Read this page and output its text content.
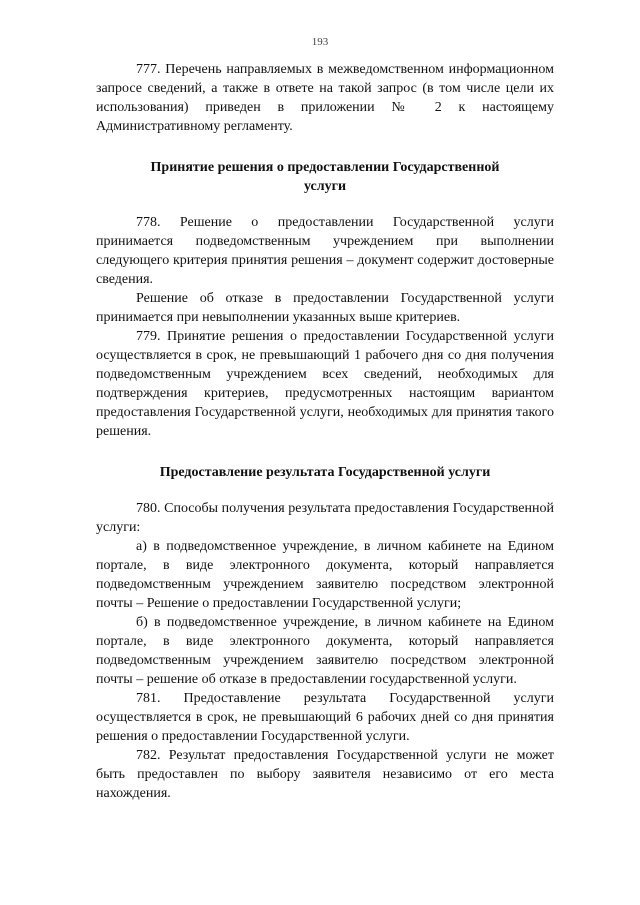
193

777. Перечень направляемых в межведомственном информационном запросе сведений, а также в ответе на такой запрос (в том числе цели их использования) приведен в приложении № 2 к настоящему Административному регламенту.

Принятие решения о предоставлении Государственной услуги

778. Решение о предоставлении Государственной услуги принимается подведомственным учреждением при выполнении следующего критерия принятия решения – документ содержит достоверные сведения.

Решение об отказе в предоставлении Государственной услуги принимается при невыполнении указанных выше критериев.

779. Принятие решения о предоставлении Государственной услуги осуществляется в срок, не превышающий 1 рабочего дня со дня получения подведомственным учреждением всех сведений, необходимых для подтверждения критериев, предусмотренных настоящим вариантом предоставления Государственной услуги, необходимых для принятия такого решения.

Предоставление результата Государственной услуги

780. Способы получения результата предоставления Государственной услуги:

а) в подведомственное учреждение, в личном кабинете на Едином портале, в виде электронного документа, который направляется подведомственным учреждением заявителю посредством электронной почты – Решение о предоставлении Государственной услуги;

б) в подведомственное учреждение, в личном кабинете на Едином портале, в виде электронного документа, который направляется подведомственным учреждением заявителю посредством электронной почты – решение об отказе в предоставлении государственной услуги.

781. Предоставление результата Государственной услуги осуществляется в срок, не превышающий 6 рабочих дней со дня принятия решения о предоставлении Государственной услуги.

782. Результат предоставления Государственной услуги не может быть предоставлен по выбору заявителя независимо от его места нахождения.
